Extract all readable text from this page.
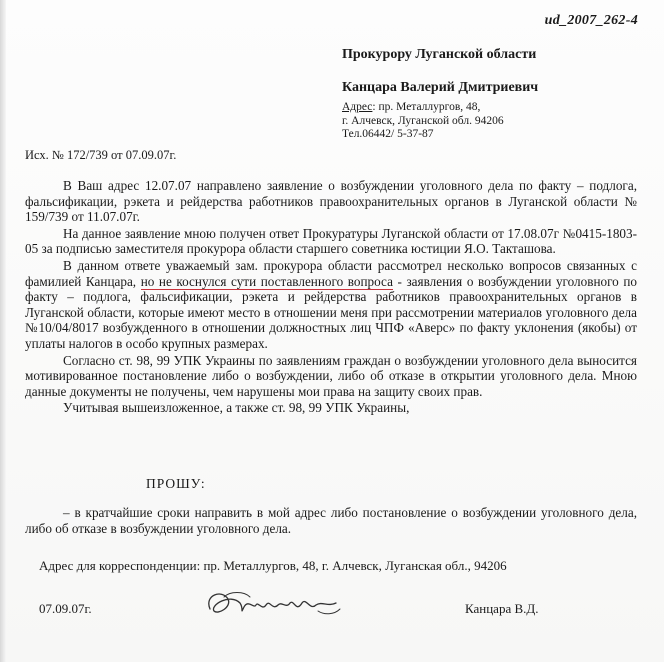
ud_2007_262-4
Прокурору Луганской области
Канцара Валерий Дмитриевич
Адрес: пр. Металлургов, 48,
г. Алчевск, Луганской обл. 94206
Тел.06442/ 5-37-87
Исх. № 172/739 от 07.09.07г.

В Ваш адрес 12.07.07 направлено заявление о возбуждении уголовного дела по факту – подлога, фальсификации, рэкета и рейдерства работников правоохранительных органов в Луганской области № 159/739 от 11.07.07г.

На данное заявление мною получен ответ Прокуратуры Луганской области от 17.08.07г №0415-1803-05 за подписью заместителя прокурора области старшего советника юстиции Я.О. Такташова.

В данном ответе уважаемый зам. прокурора области рассмотрел несколько вопросов связанных с фамилией Канцара, но не коснулся сути поставленного вопроса - заявления о возбуждении уголовного по факту – подлога, фальсификации, рэкета и рейдерства работников правоохранительных органов в Луганской области, которые имеют место в отношении меня при рассмотрении материалов уголовного дела №10/04/8017 возбужденного в отношении должностных лиц ЧПФ «Аверс» по факту уклонения (якобы) от уплаты налогов в особо крупных размерах.

Согласно ст. 98, 99 УПК Украины по заявлениям граждан о возбуждении уголовного дела выносится мотивированное постановление либо о возбуждении, либо об отказе в открытии уголовного дела. Мною данные документы не получены, чем нарушены мои права на защиту своих прав.

Учитывая вышеизложенное, а также ст. 98, 99 УПК Украины,

ПРОШУ:
– в кратчайшие сроки направить в мой адрес либо постановление о возбуждении уголовного дела, либо об отказе в возбуждении уголовного дела.
Адрес для корреспонденции: пр. Металлургов, 48, г. Алчевск, Луганская обл., 94206
07.09.07г.	Канцара В.Д.
